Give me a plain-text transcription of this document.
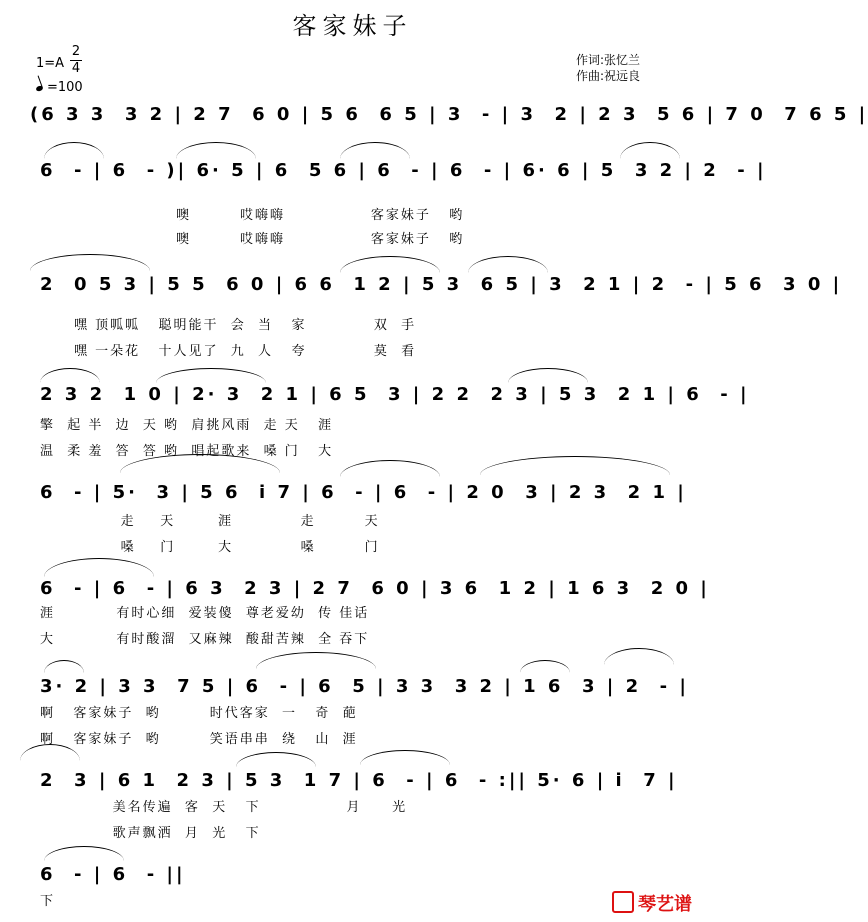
客家妹子
$1=A \frac{2}{4}$
=100
作词:张忆兰
作曲:祝远良
(6 3 3  3 2 | 2 7  6 0 | 5 6  6 5 | 3  - | 3  2 | 2 3  5 6 | 7 0  7 6 5 |
6  - | 6  - )| 6· 5 | 6  5 6 | 6  - | 6  - | 6· 6 | 5  3 2 | 2  - |
噢        哎嗨嗨              客家妹子   哟
噢        哎嗨嗨              客家妹子   哟
2  0 5 3 | 5 5  6 0 | 6 6  1 2 | 5 3  6 5 | 3  2 1 | 2  - | 5 6  3 0 |
嘿 顶呱呱   聪明能干  会  当   家           双  手
嘿 一朵花   十人见了  九  人   夸           莫  看
2 3 2  1 0 | 2· 3  2 1 | 6 5  3 | 2 2  2 3 | 5 3  2 1 | 6  - |
擎  起 半  边  天 哟  肩挑风雨  走 天   涯
温  柔 羞  答  答 哟  唱起歌来  嗓 门   大
6  - | 5·  3 | 5 6  i 7 | 6  - | 6  - | 2 0  3 | 2 3  2 1 |
走    天       涯           走        天
嗓    门       大           嗓        门
6  - | 6  - | 6 3  2 3 | 2 7  6 0 | 3 6  1 2 | 1 6 3  2 0 |
涯          有时心细  爱装傻  尊老爱幼  传 佳话
大          有时酸溜  又麻辣  酸甜苦辣  全 吞下
3· 2 | 3 3  7 5 | 6  - | 6  5 | 3 3  3 2 | 1 6  3 | 2  - |
啊   客家妹子  哟        时代客家  一   奇  葩
啊   客家妹子  哟        笑语串串  绕   山  涯
2  3 | 6 1  2 3 | 5 3  1 7 | 6  - | 6  - :|| 5· 6 | i  7 |
美名传遍  客  天   下              月     光
歌声飘洒  月  光   下
6  - | 6  - ||
下	琴艺谱
